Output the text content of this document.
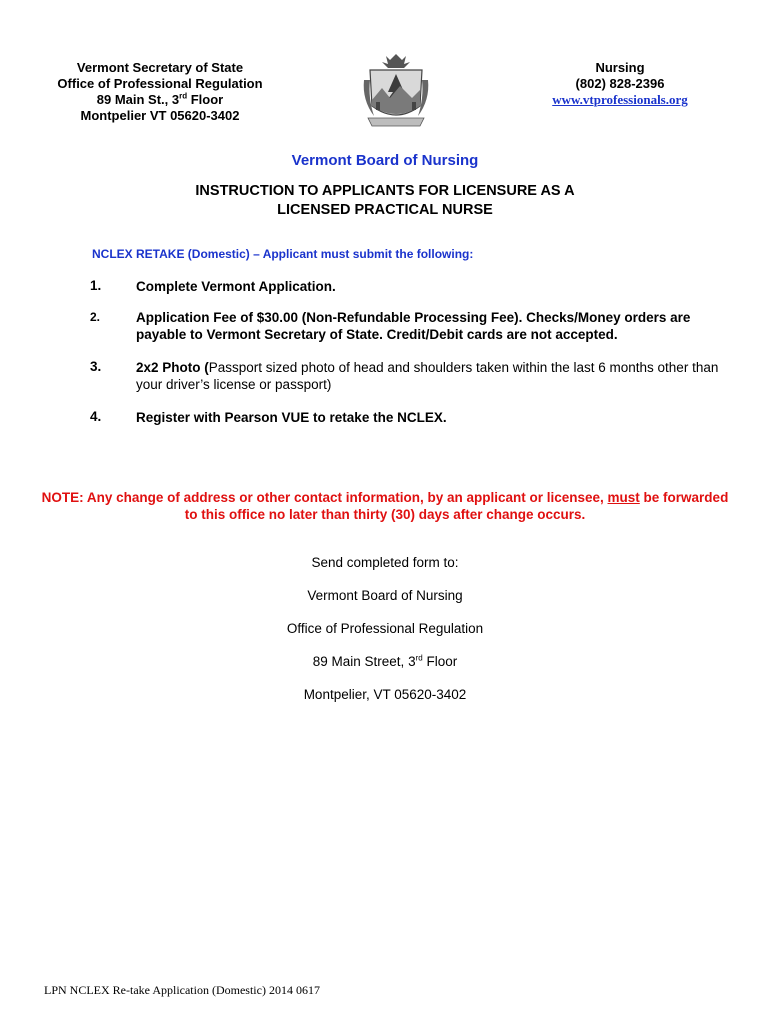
Vermont Secretary of State
Office of Professional Regulation
89 Main St., 3rd Floor
Montpelier VT 05620-3402
Nursing
(802) 828-2396
www.vtprofessionals.org
Vermont Board of Nursing
INSTRUCTION TO APPLICANTS FOR LICENSURE AS A
LICENSED PRACTICAL NURSE
NCLEX RETAKE (Domestic) – Applicant must submit the following:
1.	Complete Vermont Application.
2.	Application Fee of $30.00 (Non-Refundable Processing Fee). Checks/Money orders are payable to Vermont Secretary of State. Credit/Debit cards are not accepted.
3.	2x2 Photo (Passport sized photo of head and shoulders taken within the last 6 months other than your driver’s license or passport)
4.	Register with Pearson VUE to retake the NCLEX.
NOTE: Any change of address or other contact information, by an applicant or licensee, must be forwarded to this office no later than thirty (30) days after change occurs.
Send completed form to:
Vermont Board of Nursing
Office of Professional Regulation
89 Main Street, 3rd Floor
Montpelier, VT 05620-3402
LPN NCLEX Re-take Application (Domestic) 2014 0617
